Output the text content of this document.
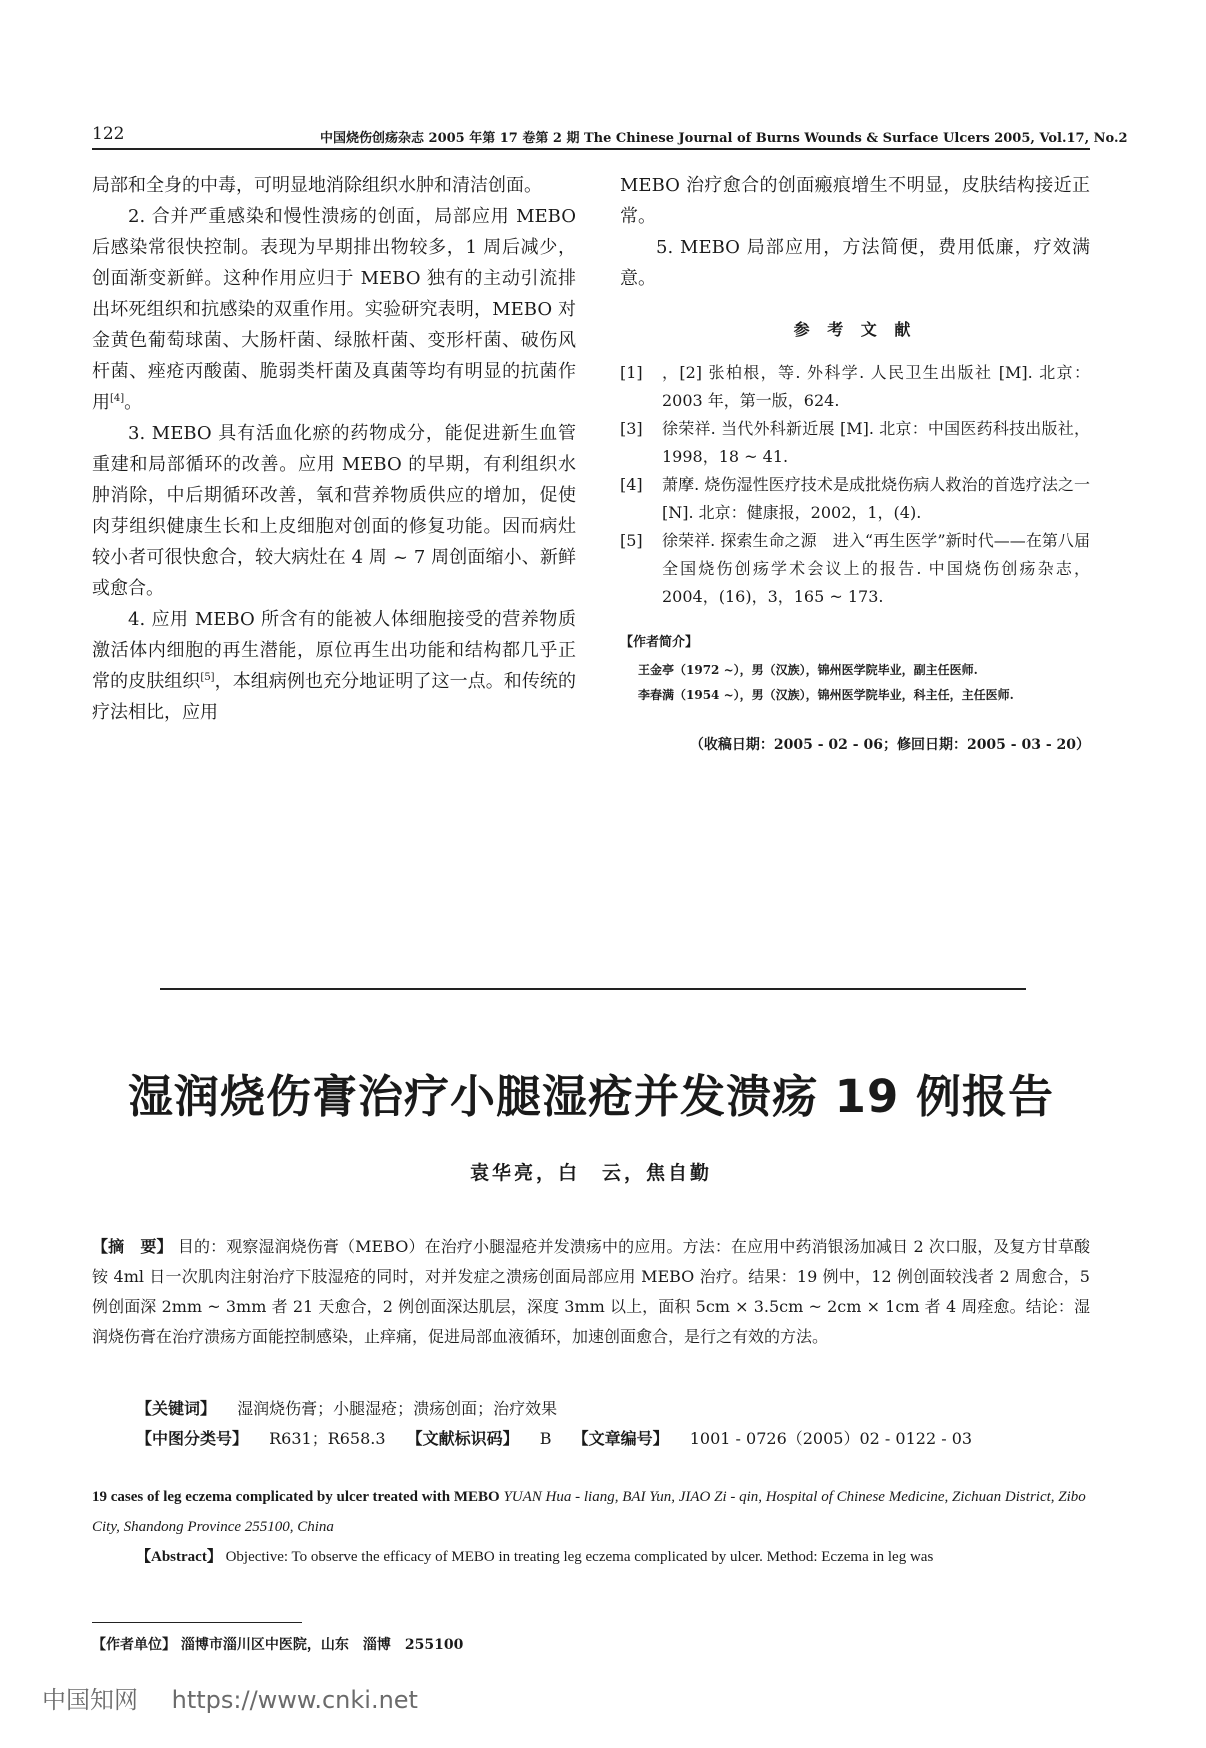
122	中国烧伤创疡杂志 2005 年第 17 卷第 2 期 The Chinese Journal of Burns Wounds & Surface Ulcers 2005, Vol.17, No.2

局部和全身的中毒，可明显地消除组织水肿和清洁创面。

2. 合并严重感染和慢性溃疡的创面，局部应用 MEBO 后感染常很快控制。表现为早期排出物较多，1 周后减少，创面渐变新鲜。这种作用应归于 MEBO 独有的主动引流排出坏死组织和抗感染的双重作用。实验研究表明，MEBO 对金黄色葡萄球菌、大肠杆菌、绿脓杆菌、变形杆菌、破伤风杆菌、痤疮丙酸菌、脆弱类杆菌及真菌等均有明显的抗菌作用[4]。

3. MEBO 具有活血化瘀的药物成分，能促进新生血管重建和局部循环的改善。应用 MEBO 的早期，有利组织水肿消除，中后期循环改善，氧和营养物质供应的增加，促使肉芽组织健康生长和上皮细胞对创面的修复功能。因而病灶较小者可很快愈合，较大病灶在 4 周 ~ 7 周创面缩小、新鲜或愈合。

4. 应用 MEBO 所含有的能被人体细胞接受的营养物质激活体内细胞的再生潜能，原位再生出功能和结构都几乎正常的皮肤组织[5]，本组病例也充分地证明了这一点。和传统的疗法相比，应用

MEBO 治疗愈合的创面瘢痕增生不明显，皮肤结构接近正常。

5. MEBO 局部应用，方法简便，费用低廉，疗效满意。

参 考 文 献
[1]	，[2] 张柏根，等. 外科学. 人民卫生出版社 [M]. 北京：2003 年，第一版，624.
[3]	徐荣祥. 当代外科新近展 [M]. 北京：中国医药科技出版社，1998，18 ~ 41.
[4]	萧摩. 烧伤湿性医疗技术是成批烧伤病人救治的首选疗法之一 [N]. 北京：健康报，2002，1，(4).
[5]	徐荣祥. 探索生命之源　进入“再生医学”新时代——在第八届全国烧伤创疡学术会议上的报告. 中国烧伤创疡杂志，2004，(16)，3，165 ~ 173.
【作者简介】
王金亭（1972 ~），男（汉族），锦州医学院毕业，副主任医师.
李春满（1954 ~），男（汉族），锦州医学院毕业，科主任，主任医师.
（收稿日期：2005 - 02 - 06；修回日期：2005 - 03 - 20）
湿润烧伤膏治疗小腿湿疮并发溃疡 19 例报告
袁华亮，白　云，焦自勤

【摘　要】 目的：观察湿润烧伤膏（MEBO）在治疗小腿湿疮并发溃疡中的应用。方法：在应用中药消银汤加减日 2 次口服，及复方甘草酸铵 4ml 日一次肌肉注射治疗下肢湿疮的同时，对并发症之溃疡创面局部应用 MEBO 治疗。结果：19 例中，12 例创面较浅者 2 周愈合，5 例创面深 2mm ~ 3mm 者 21 天愈合，2 例创面深达肌层，深度 3mm 以上，面积 5cm × 3.5cm ~ 2cm × 1cm 者 4 周痊愈。结论：湿润烧伤膏在治疗溃疡方面能控制感染，止痒痛，促进局部血液循环，加速创面愈合，是行之有效的方法。

【关键词】 湿润烧伤膏；小腿湿疮；溃疡创面；治疗效果

【中图分类号】 R631；R658.3 【文献标识码】 B 【文章编号】 1001 - 0726（2005）02 - 0122 - 03

19 cases of leg eczema complicated by ulcer treated with MEBO YUAN Hua - liang, BAI Yun, JIAO Zi - qin, Hospital of Chinese Medicine, Zichuan District, Zibo City, Shandong Province 255100, China

【Abstract】 Objective: To observe the efficacy of MEBO in treating leg eczema complicated by ulcer. Method: Eczema in leg was

【作者单位】 淄博市淄川区中医院，山东　淄博　255100
中国知网 https://www.cnki.net
